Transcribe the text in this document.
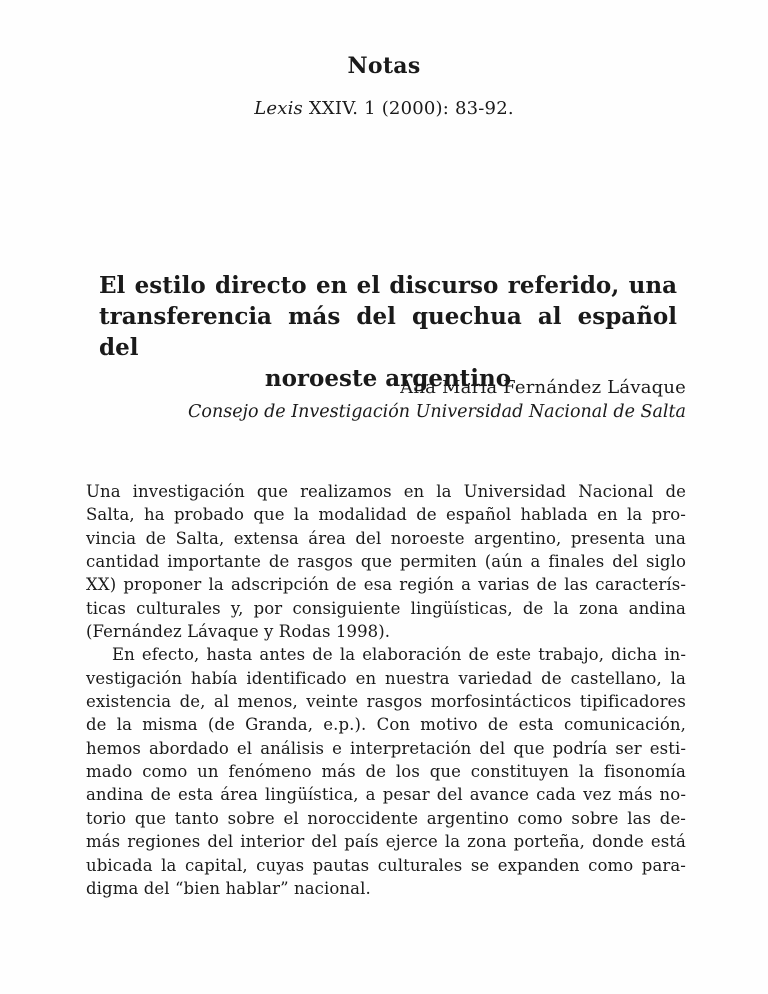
Notas
Lexis XXIV. 1 (2000): 83-92.
El estilo directo en el discurso referido, una
transferencia más del quechua al español del
noroeste argentino
Ana María Fernández Lávaque
Consejo de Investigación Universidad Nacional de Salta
Una investigación que realizamos en la Universidad Nacional de
Salta, ha probado que la modalidad de español hablada en la pro-
vincia de Salta, extensa área del noroeste argentino, presenta una
cantidad importante de rasgos que permiten (aún a finales del siglo
XX) proponer la adscripción de esa región a varias de las caracterís-
ticas culturales y, por consiguiente lingüísticas, de la zona andina
(Fernández Lávaque y Rodas 1998).
En efecto, hasta antes de la elaboración de este trabajo, dicha in-
vestigación había identificado en nuestra variedad de castellano, la
existencia de, al menos, veinte rasgos morfosintácticos tipificadores
de la misma (de Granda, e.p.). Con motivo de esta comunicación,
hemos abordado el análisis e interpretación del que podría ser esti-
mado como un fenómeno más de los que constituyen la fisonomía
andina de esta área lingüística, a pesar del avance cada vez más no-
torio que tanto sobre el noroccidente argentino como sobre las de-
más regiones del interior del país ejerce la zona porteña, donde está
ubicada la capital, cuyas pautas culturales se expanden como para-
digma del “bien hablar” nacional.
